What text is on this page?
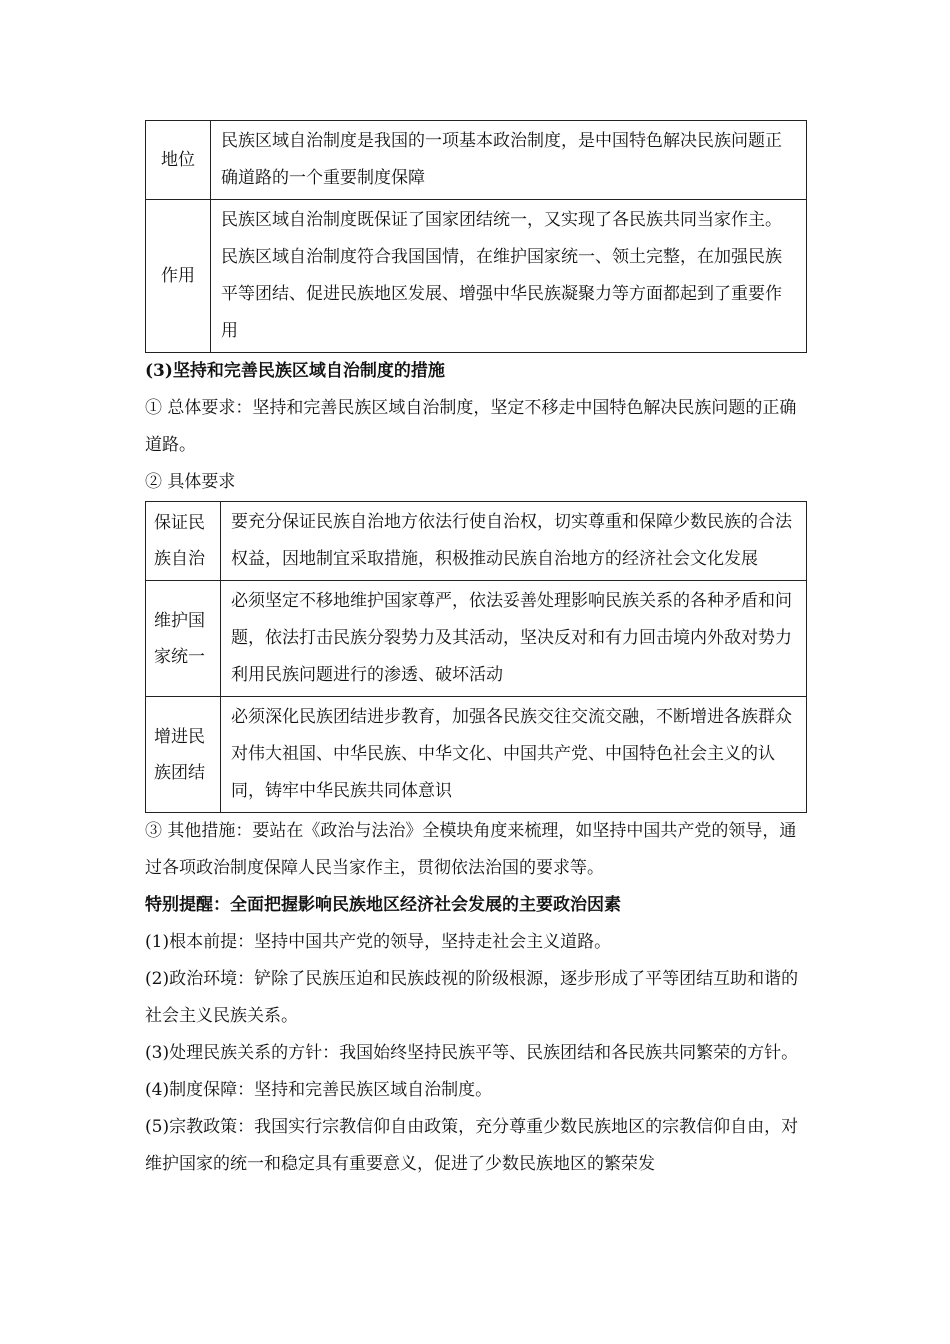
地位	民族区域自治制度是我国的一项基本政治制度，是中国特色解决民族问题正确道路的一个重要制度保障
作用	民族区域自治制度既保证了国家团结统一，又实现了各民族共同当家作主。民族区域自治制度符合我国国情，在维护国家统一、领土完整，在加强民族平等团结、促进民族地区发展、增强中华民族凝聚力等方面都起到了重要作用

(3)坚持和完善民族区域自治制度的措施

① 总体要求：坚持和完善民族区域自治制度，坚定不移走中国特色解决民族问题的正确道路。

② 具体要求

保证民族自治	要充分保证民族自治地方依法行使自治权，切实尊重和保障少数民族的合法权益，因地制宜采取措施，积极推动民族自治地方的经济社会文化发展
维护国家统一	必须坚定不移地维护国家尊严，依法妥善处理影响民族关系的各种矛盾和问题，依法打击民族分裂势力及其活动，坚决反对和有力回击境内外敌对势力利用民族问题进行的渗透、破坏活动
增进民族团结	必须深化民族团结进步教育，加强各民族交往交流交融，不断增进各族群众对伟大祖国、中华民族、中华文化、中国共产党、中国特色社会主义的认同，铸牢中华民族共同体意识

③ 其他措施：要站在《政治与法治》全模块角度来梳理，如坚持中国共产党的领导，通过各项政治制度保障人民当家作主，贯彻依法治国的要求等。

特别提醒：全面把握影响民族地区经济社会发展的主要政治因素

(1)根本前提：坚持中国共产党的领导，坚持走社会主义道路。

(2)政治环境：铲除了民族压迫和民族歧视的阶级根源，逐步形成了平等团结互助和谐的社会主义民族关系。

(3)处理民族关系的方针：我国始终坚持民族平等、民族团结和各民族共同繁荣的方针。

(4)制度保障：坚持和完善民族区域自治制度。

(5)宗教政策：我国实行宗教信仰自由政策，充分尊重少数民族地区的宗教信仰自由，对维护国家的统一和稳定具有重要意义，促进了少数民族地区的繁荣发
